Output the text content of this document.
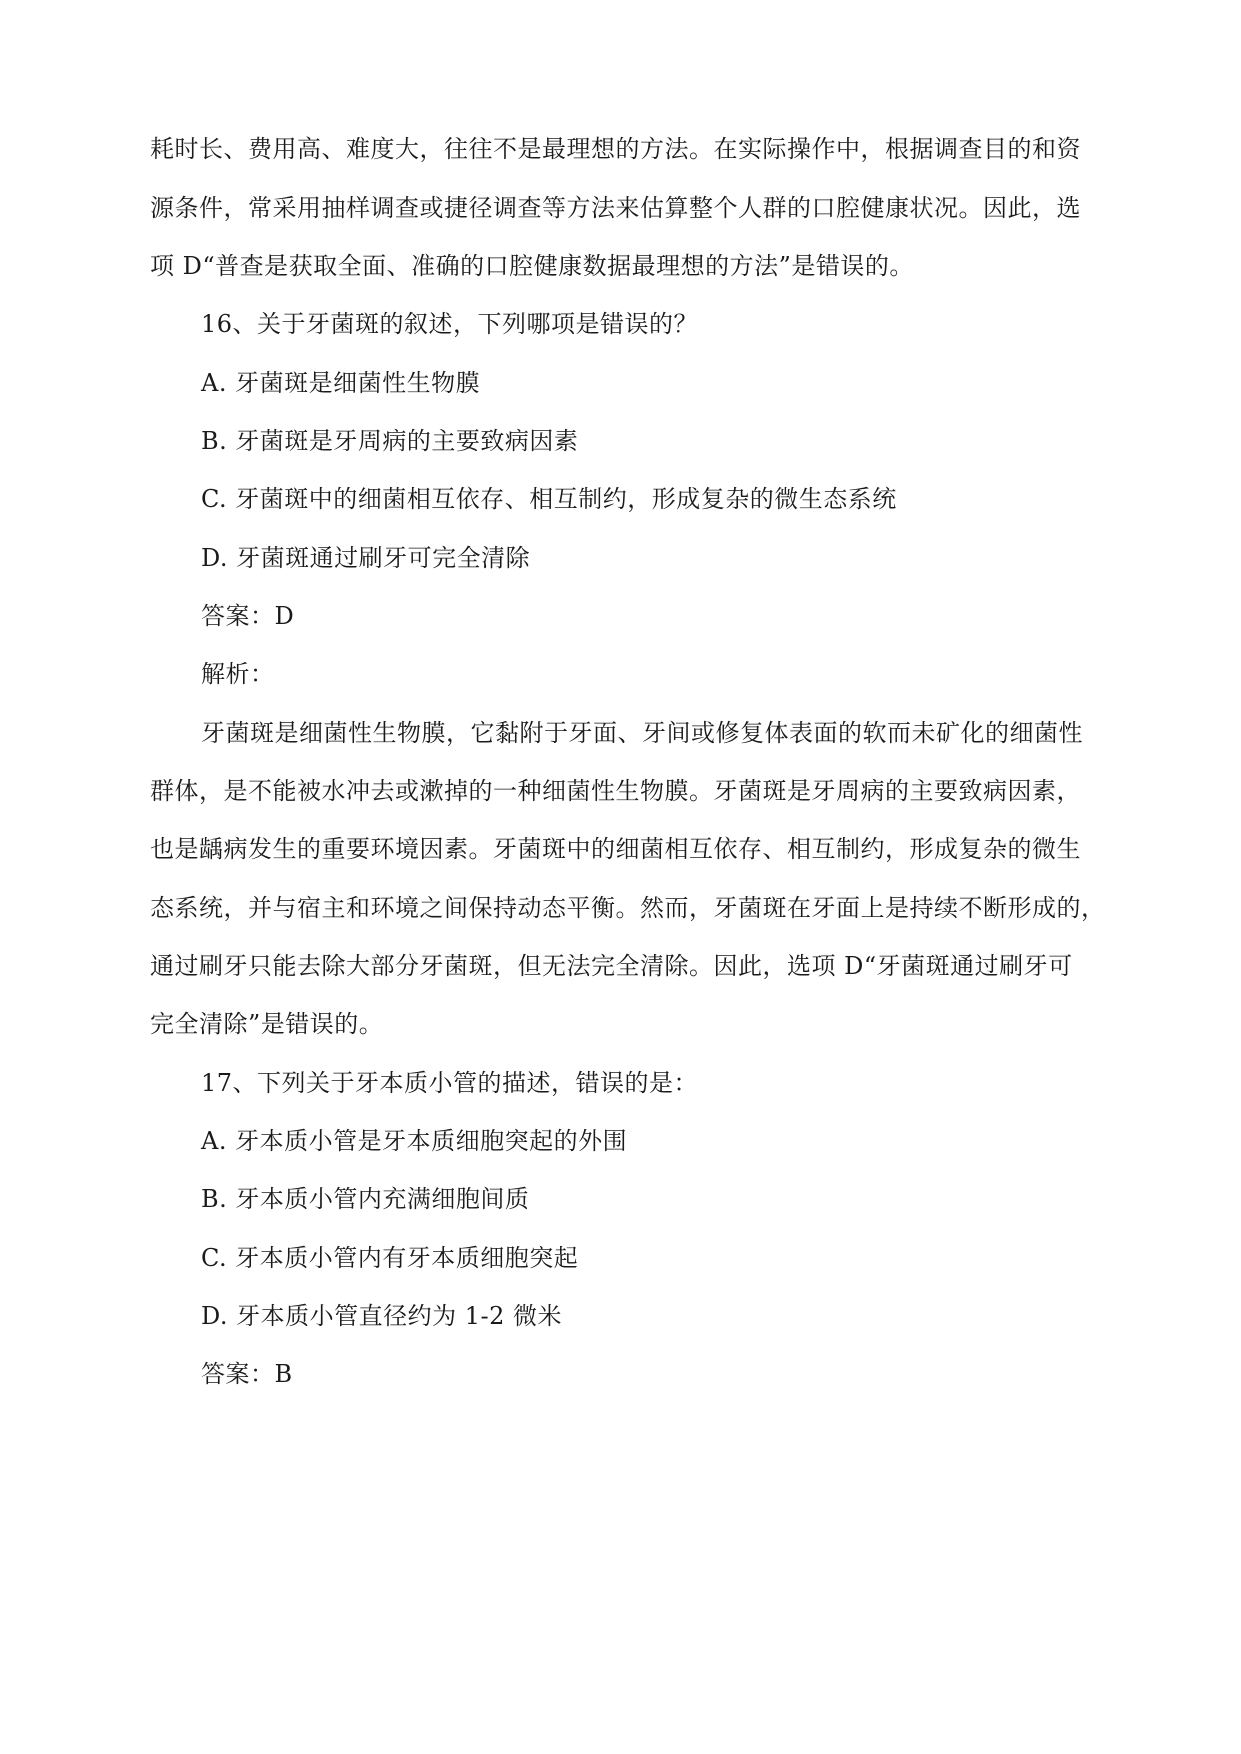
耗时长、费用高、难度大，往往不是最理想的方法。在实际操作中，根据调查目的和资
源条件，常采用抽样调查或捷径调查等方法来估算整个人群的口腔健康状况。因此，选
项 D“普查是获取全面、准确的口腔健康数据最理想的方法”是错误的。
16、关于牙菌斑的叙述，下列哪项是错误的？
A. 牙菌斑是细菌性生物膜
B. 牙菌斑是牙周病的主要致病因素
C. 牙菌斑中的细菌相互依存、相互制约，形成复杂的微生态系统
D. 牙菌斑通过刷牙可完全清除
答案：D
解析：
牙菌斑是细菌性生物膜，它黏附于牙面、牙间或修复体表面的软而未矿化的细菌性
群体，是不能被水冲去或漱掉的一种细菌性生物膜。牙菌斑是牙周病的主要致病因素，
也是龋病发生的重要环境因素。牙菌斑中的细菌相互依存、相互制约，形成复杂的微生
态系统，并与宿主和环境之间保持动态平衡。然而，牙菌斑在牙面上是持续不断形成的，
通过刷牙只能去除大部分牙菌斑，但无法完全清除。因此，选项 D“牙菌斑通过刷牙可
完全清除”是错误的。
17、下列关于牙本质小管的描述，错误的是：
A. 牙本质小管是牙本质细胞突起的外围
B. 牙本质小管内充满细胞间质
C. 牙本质小管内有牙本质细胞突起
D. 牙本质小管直径约为 1-2 微米
答案：B
